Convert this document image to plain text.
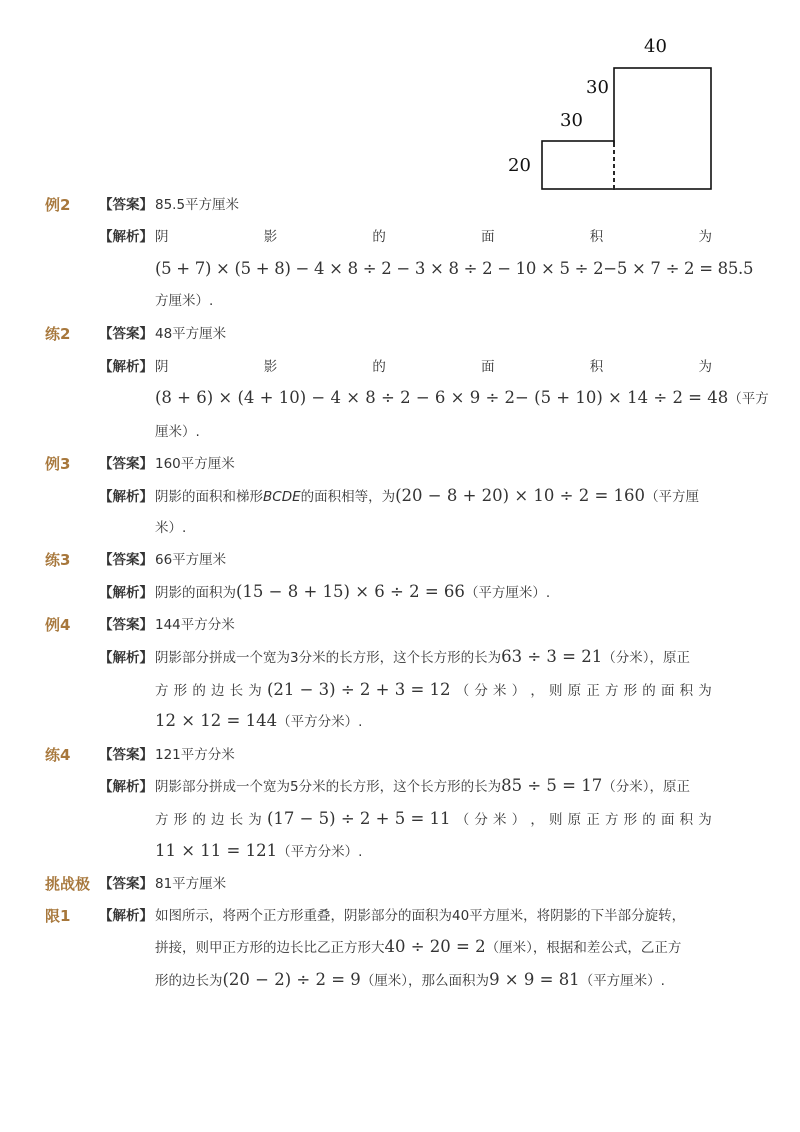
40
30
30
20
例2 【答案】 85.5平方厘米
【解析】 阴	影	的	面	积	为
(5 + 7) × (5 + 8) − 4 × 8 ÷ 2 − 3 × 8 ÷ 2 − 10 × 5 ÷ 2−5 × 7 ÷ 2 = 85.5
方厘米）.
练2 【答案】 48平方厘米
【解析】 阴	影	的	面	积	为
(8 + 6) × (4 + 10) − 4 × 8 ÷ 2 − 6 × 9 ÷ 2− (5 + 10) × 14 ÷ 2 = 48（平方
厘米）.
例3 【答案】 160平方厘米
【解析】 阴影的面积和梯形BCDE的面积相等，为(20 − 8 + 20) × 10 ÷ 2 = 160（平方厘
米）.
练3 【答案】 66平方厘米
【解析】 阴影的面积为(15 − 8 + 15) × 6 ÷ 2 = 66（平方厘米）.
例4 【答案】 144平方分米
【解析】 阴影部分拼成一个宽为3分米的长方形，这个长方形的长为63 ÷ 3 = 21（分米），原正
方 形 的 边 长 为 (21 − 3) ÷ 2 + 3 = 12 （ 分 米 ） ， 则 原 正 方 形 的 面 积 为
12 × 12 = 144（平方分米）.
练4 【答案】 121平方分米
【解析】 阴影部分拼成一个宽为5分米的长方形，这个长方形的长为85 ÷ 5 = 17（分米），原正
方 形 的 边 长 为 (17 − 5) ÷ 2 + 5 = 11 （ 分 米 ） ， 则 原 正 方 形 的 面 积 为
11 × 11 = 121（平方分米）.
挑战极
限1
【答案】 81平方厘米
【解析】 如图所示，将两个正方形重叠，阴影部分的面积为40平方厘米，将阴影的下半部分旋转，
拼接，则甲正方形的边长比乙正方形大40 ÷ 20 = 2（厘米），根据和差公式，乙正方
形的边长为(20 − 2) ÷ 2 = 9（厘米），那么面积为9 × 9 = 81（平方厘米）.
